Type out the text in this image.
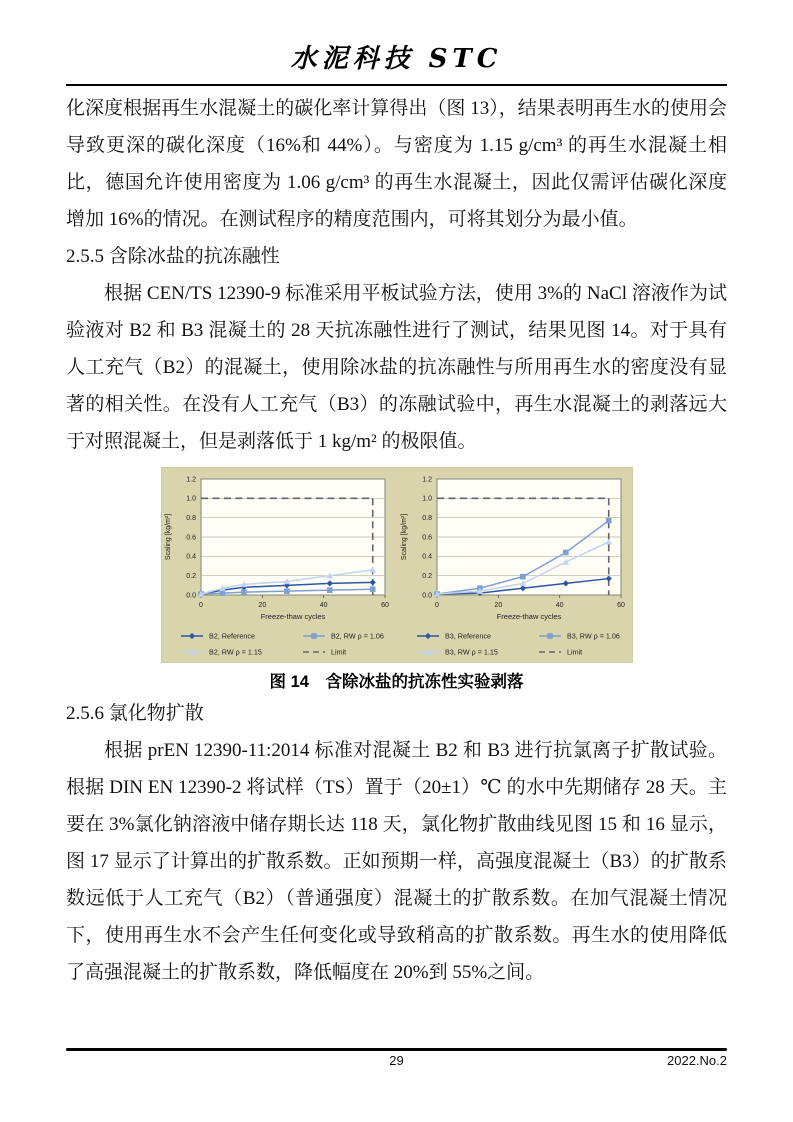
水泥科技 STC

化深度根据再生水混凝土的碳化率计算得出（图 13），结果表明再生水的使用会导致更深的碳化深度（16%和 44%）。与密度为 1.15 g/cm³ 的再生水混凝土相比，德国允许使用密度为 1.06 g/cm³ 的再生水混凝土，因此仅需评估碳化深度增加 16%的情况。在测试程序的精度范围内，可将其划分为最小值。

2.5.5 含除冰盐的抗冻融性

根据 CEN/TS 12390-9 标准采用平板试验方法，使用 3%的 NaCl 溶液作为试验液对 B2 和 B3 混凝土的 28 天抗冻融性进行了测试，结果见图 14。对于具有人工充气（B2）的混凝土，使用除冰盐的抗冻融性与所用再生水的密度没有显著的相关性。在没有人工充气（B3）的冻融试验中，再生水混凝土的剥落远大于对照混凝土，但是剥落低于 1 kg/m² 的极限值。

0.0
0.2
0.4
0.6
0.8
1.0
1.2
0	20	40	60
Scaling [kg/m²]
Freeze-thaw cycles
B2, Reference	B2, RW ρ = 1.06
B2, RW ρ = 1.15	Limit
0.0
0.2
0.4
0.6
0.8
1.0
1.2
0	20	40	60
Scaling [kg/m²]
Freeze-thaw cycles
B3, Reference	B3, RW ρ = 1.06
B3, RW ρ = 1.15	Limit
图 14　含除冰盐的抗冻性实验剥落

2.5.6 氯化物扩散

根据 prEN 12390-11:2014 标准对混凝土 B2 和 B3 进行抗氯离子扩散试验。根据 DIN EN 12390-2 将试样（TS）置于（20±1）℃ 的水中先期储存 28 天。主要在 3%氯化钠溶液中储存期长达 118 天，氯化物扩散曲线见图 15 和 16 显示，图 17 显示了计算出的扩散系数。正如预期一样，高强度混凝土（B3）的扩散系数远低于人工充气（B2）（普通强度）混凝土的扩散系数。在加气混凝土情况下，使用再生水不会产生任何变化或导致稍高的扩散系数。再生水的使用降低了高强混凝土的扩散系数，降低幅度在 20%到 55%之间。

29	2022.No.2
